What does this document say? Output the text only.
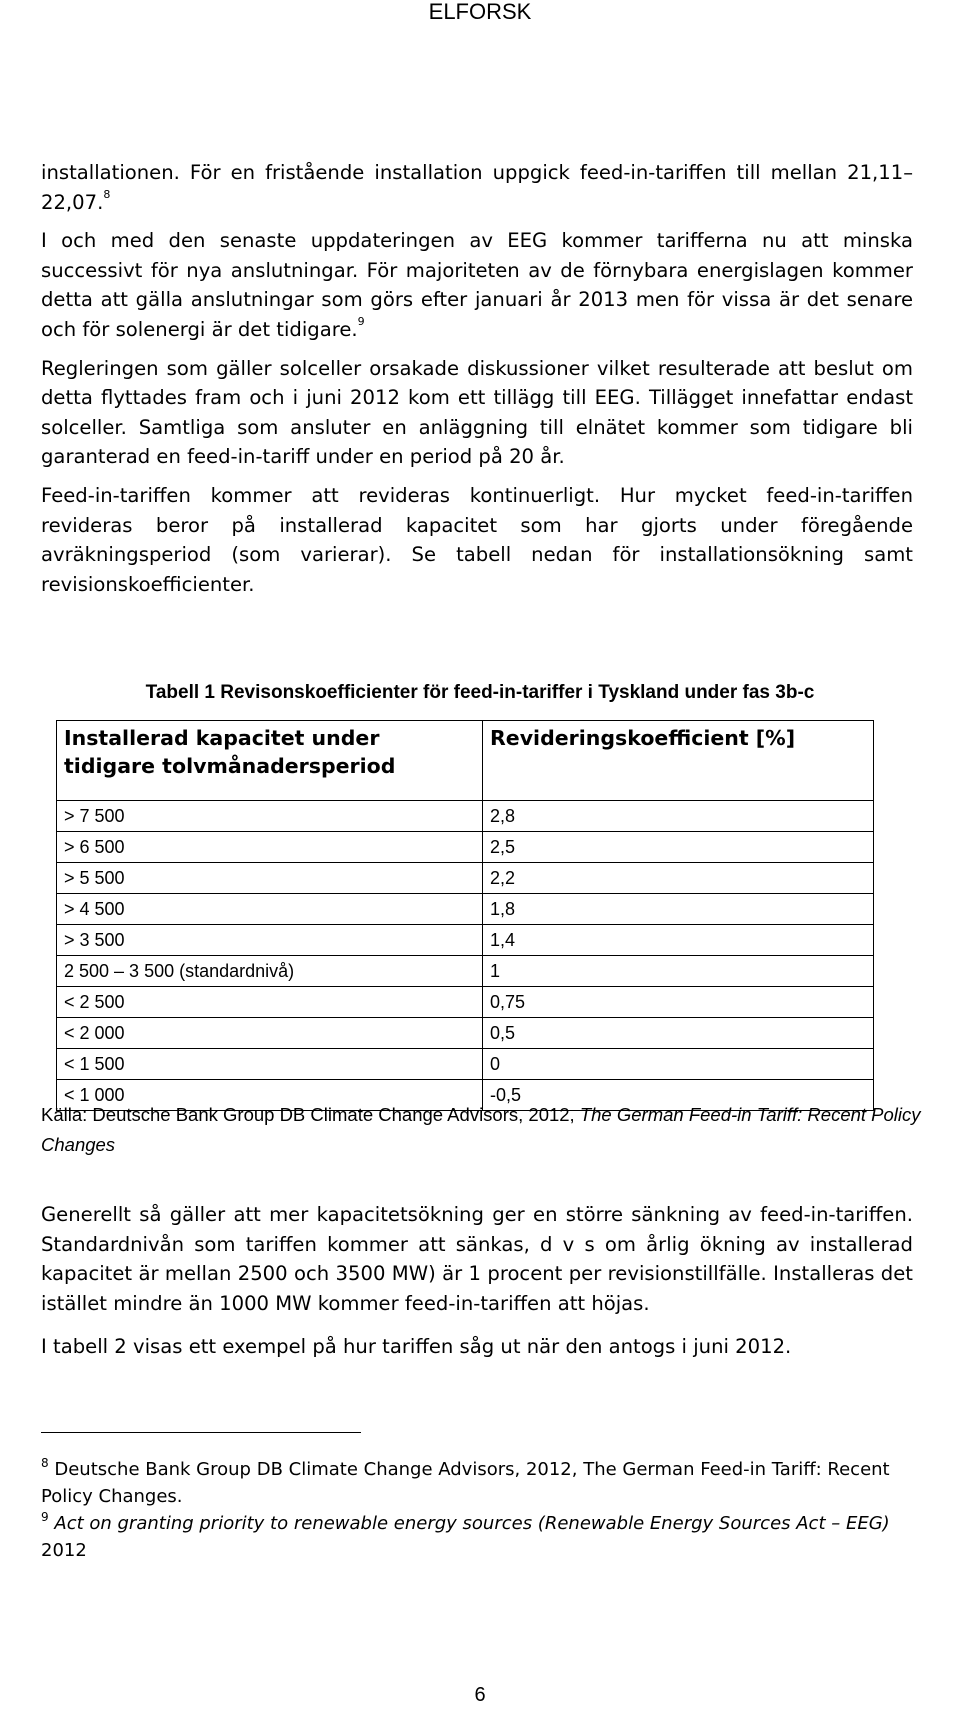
ELFORSK

installationen. För en fristående installation uppgick feed-in-tariffen till mellan 21,11–22,07.$^8$

I och med den senaste uppdateringen av EEG kommer tarifferna nu att minska successivt för nya anslutningar. För majoriteten av de förnybara energislagen kommer detta att gälla anslutningar som görs efter januari år 2013 men för vissa är det senare och för solenergi är det tidigare.$^9$

Regleringen som gäller solceller orsakade diskussioner vilket resulterade att beslut om detta flyttades fram och i juni 2012 kom ett tillägg till EEG. Tillägget innefattar endast solceller. Samtliga som ansluter en anläggning till elnätet kommer som tidigare bli garanterad en feed-in-tariff under en period på 20 år.

Feed-in-tariffen kommer att revideras kontinuerligt. Hur mycket feed-in-tariffen revideras beror på installerad kapacitet som har gjorts under föregående avräkningsperiod (som varierar). Se tabell nedan för installationsökning samt revisionskoefficienter.

Tabell 1 Revisonskoefficienter för feed-in-tariffer i Tyskland under fas 3b-c
Installerad kapacitet under tidigare tolvmånadersperiod	Revideringskoefficient [%]
> 7 500	2,8
> 6 500	2,5
> 5 500	2,2
> 4 500	1,8
> 3 500	1,4
2 500 – 3 500 (standardnivå)	1
< 2 500	0,75
< 2 000	0,5
< 1 500	0
< 1 000	-0,5
Källa: Deutsche Bank Group DB Climate Change Advisors, 2012, The German Feed-in Tariff: Recent Policy Changes

Generellt så gäller att mer kapacitetsökning ger en större sänkning av feed-in-tariffen. Standardnivån som tariffen kommer att sänkas, d v s om årlig ökning av installerad kapacitet är mellan 2500 och 3500 MW) är 1 procent per revisionstillfälle. Installeras det istället mindre än 1000 MW kommer feed-in-tariffen att höjas.

I tabell 2 visas ett exempel på hur tariffen såg ut när den antogs i juni 2012.

$^8$ Deutsche Bank Group DB Climate Change Advisors, 2012, The German Feed-in Tariff: Recent Policy Changes.

$^9$ Act on granting priority to renewable energy sources (Renewable Energy Sources Act – EEG) 2012

6
